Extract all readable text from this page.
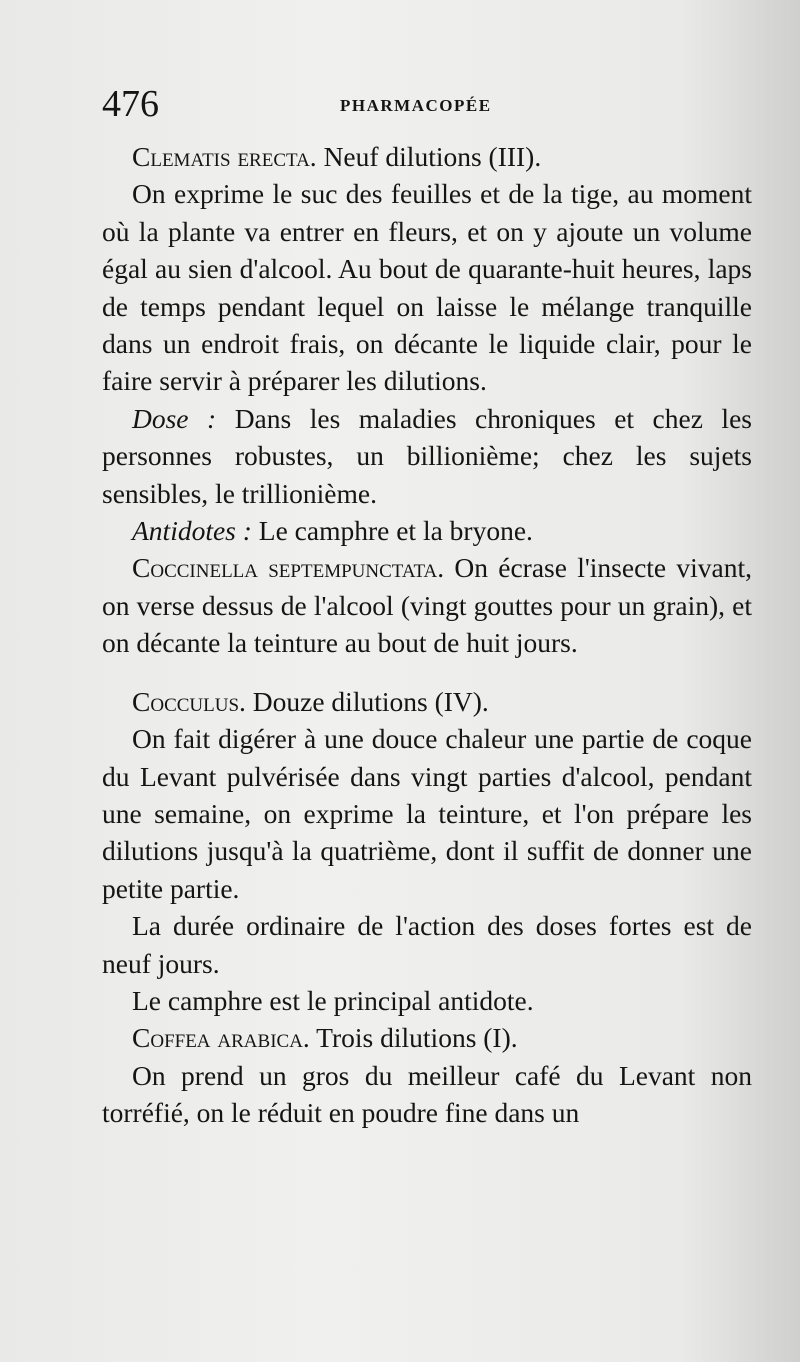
476	PHARMACOPÉE

Clematis erecta. Neuf dilutions (III).

On exprime le suc des feuilles et de la tige, au moment où la plante va entrer en fleurs, et on y ajoute un volume égal au sien d'alcool. Au bout de quarante-huit heures, laps de temps pendant lequel on laisse le mélange tranquille dans un endroit frais, on décante le liquide clair, pour le faire servir à préparer les dilutions.

Dose : Dans les maladies chroniques et chez les personnes robustes, un billionième; chez les sujets sensibles, le trillionième.

Antidotes : Le camphre et la bryone.

Coccinella septempunctata. On écrase l'insecte vivant, on verse dessus de l'alcool (vingt gouttes pour un grain), et on décante la teinture au bout de huit jours.

Cocculus. Douze dilutions (IV).

On fait digérer à une douce chaleur une partie de coque du Levant pulvérisée dans vingt parties d'alcool, pendant une semaine, on exprime la teinture, et l'on prépare les dilutions jusqu'à la quatrième, dont il suffit de donner une petite partie.

La durée ordinaire de l'action des doses fortes est de neuf jours.

Le camphre est le principal antidote.

Coffea arabica. Trois dilutions (I).

On prend un gros du meilleur café du Levant non torréfié, on le réduit en poudre fine dans un
